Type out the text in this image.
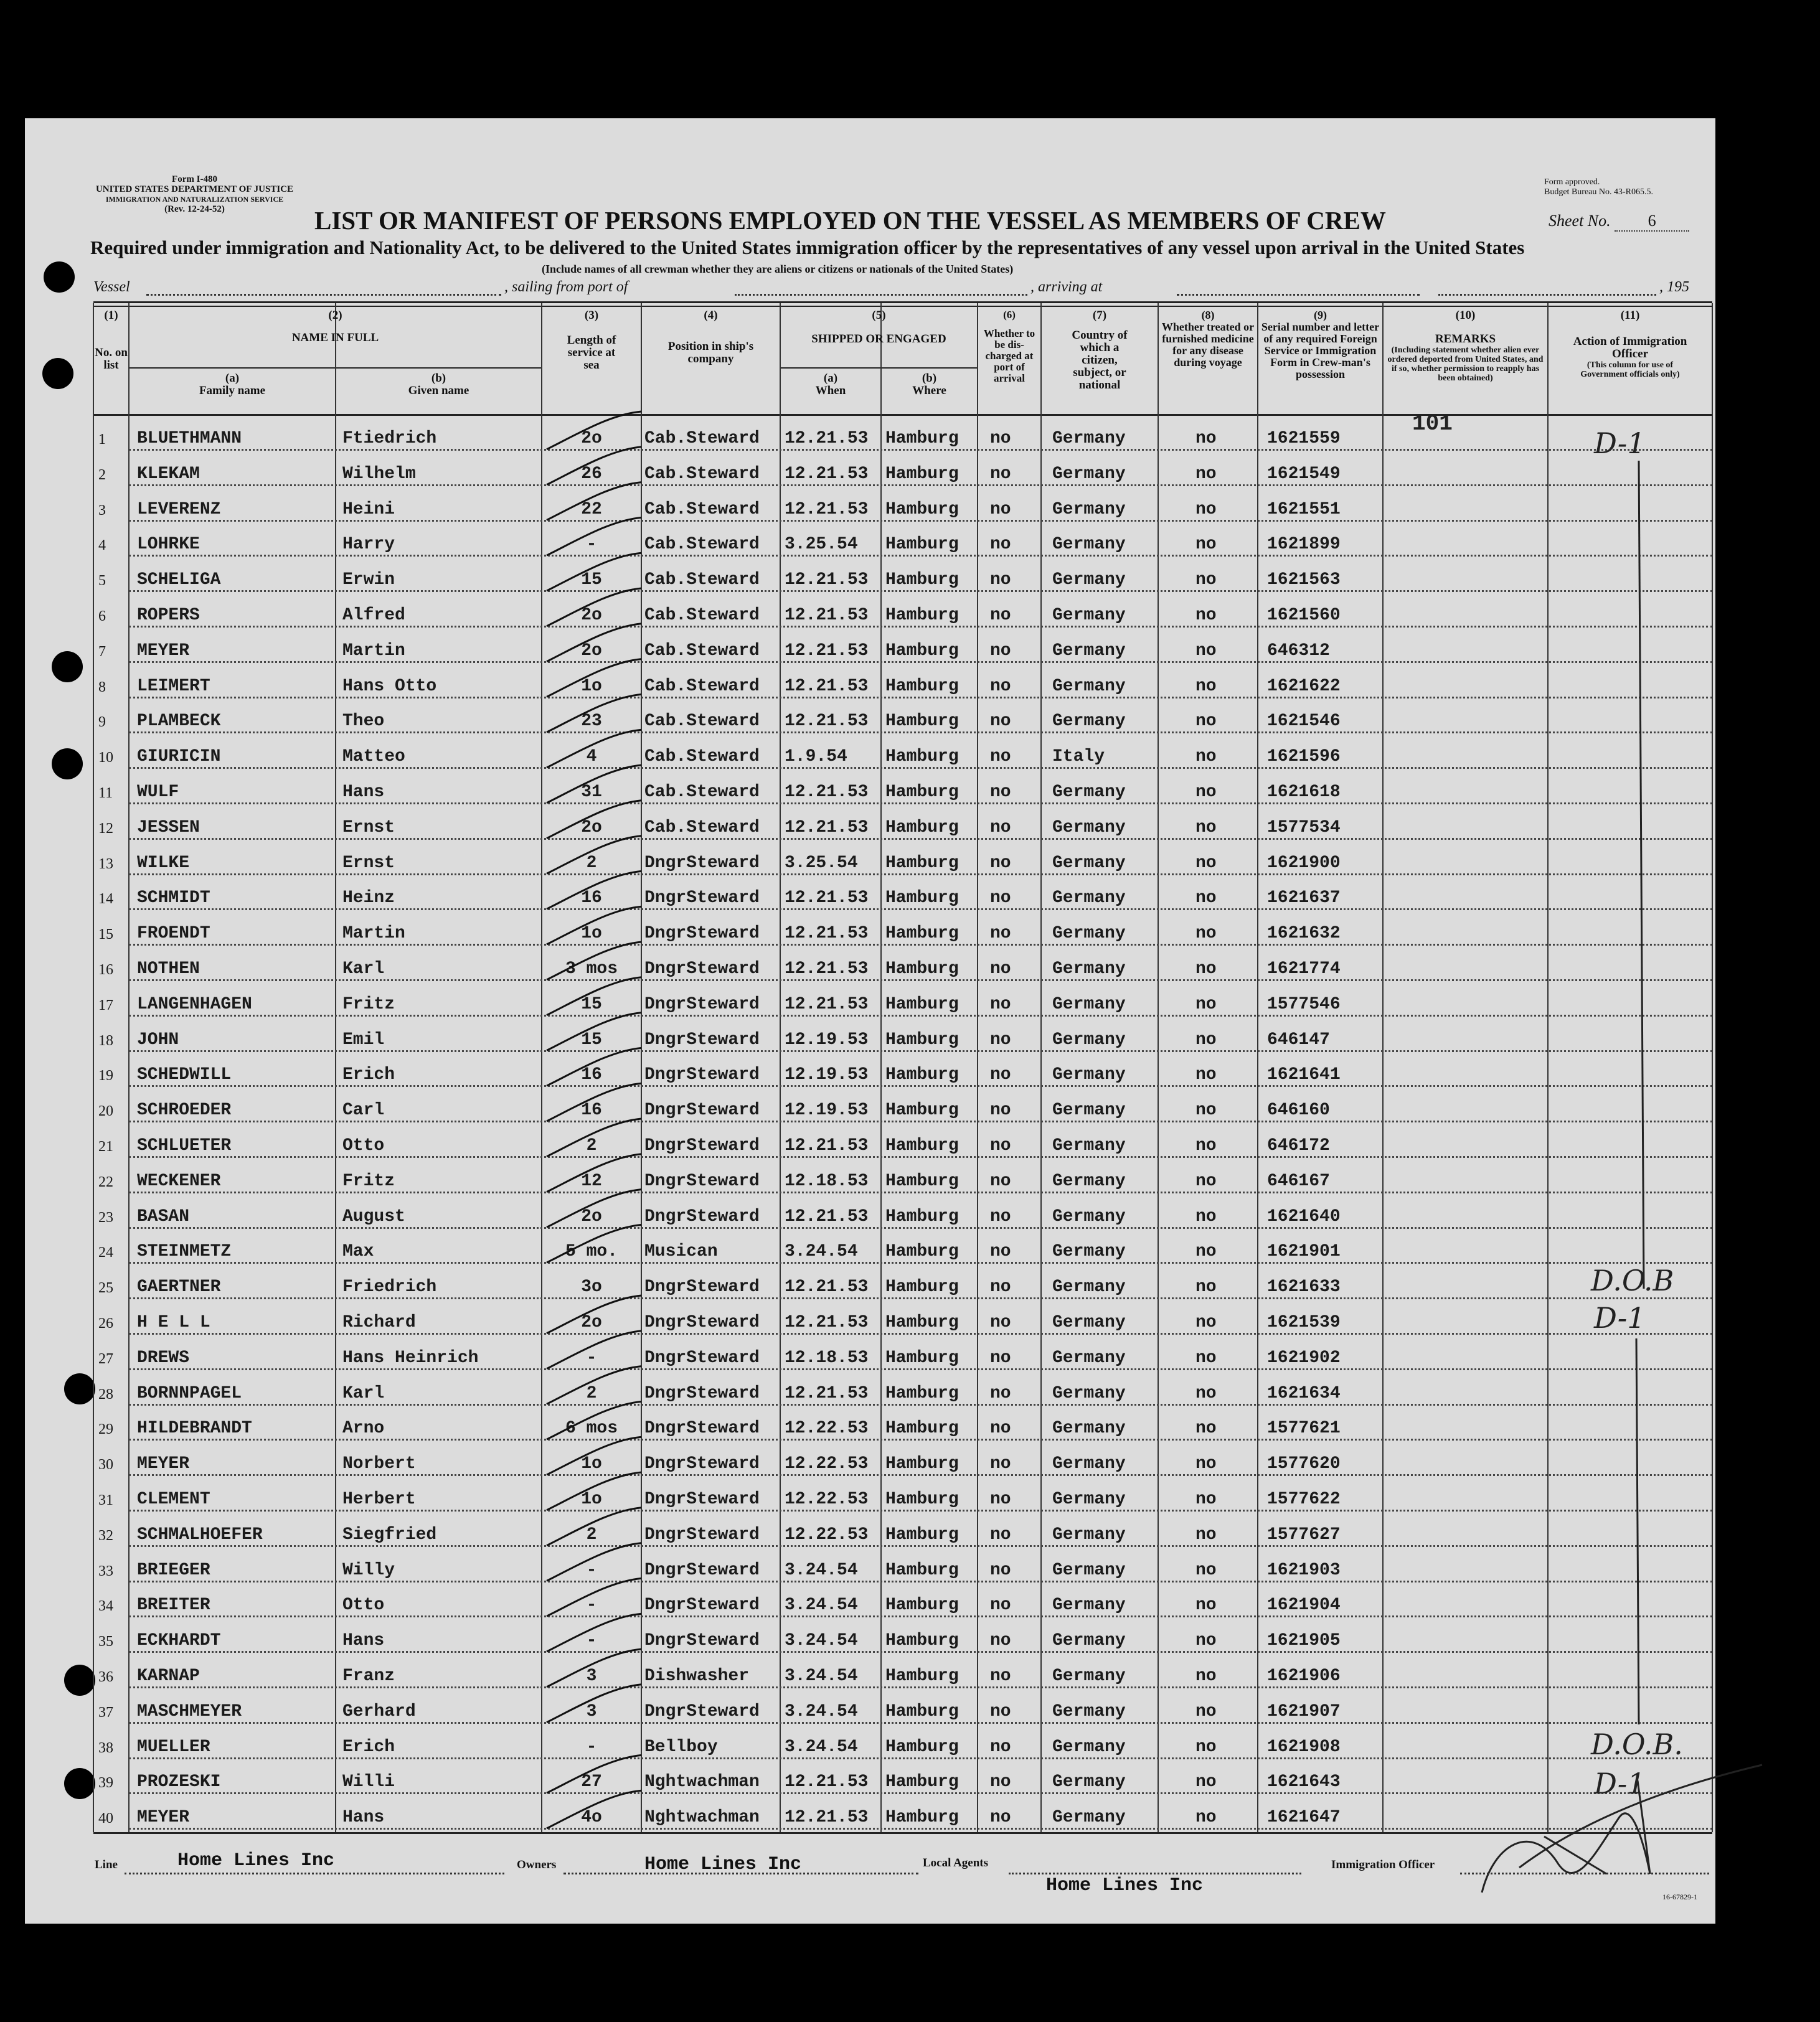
Form I-480
UNITED STATES DEPARTMENT OF JUSTICE
IMMIGRATION AND NATURALIZATION SERVICE
(Rev. 12-24-52)
Form approved.
Budget Bureau No. 43-R065.5.
LIST OR MANIFEST OF PERSONS EMPLOYED ON THE VESSEL AS MEMBERS OF CREW	Sheet No. 6
Required under immigration and Nationality Act, to be delivered to the United States immigration officer by the representatives of any vessel upon arrival in the United States
(Include names of all crewman whether they are aliens or citizens or nationals of the United States)
Vessel	, sailing from port of	, arriving at	, 195
(1)
No. on list
(2)
NAME IN FULL
(a)
Family name
(b)
Given name
(3)
Length of service at sea
(4)
Position in ship's company
(5)
SHIPPED OR ENGAGED
(a)
When
(b)
Where
(6)
Whether to be dis-charged at port of arrival
(7)
Country of which a citizen, subject, or national
(8)
Whether treated or furnished medicine for any disease during voyage
(9)
Serial number and letter of any required Foreign Service or Immigration Form in Crew-man's possession
(10)
REMARKS
(Including statement whether alien ever ordered deported from United States, and if so, whether permission to reapply has been obtained)
(11)
Action of Immigration Officer
(This column for use of Government officials only)
1 BLUETHMANN	Ftiedrich	2o	Cab.Steward 12.21.53 Hamburg no Germany	no	1621559
2 KLEKAM	Wilhelm	26	Cab.Steward 12.21.53 Hamburg no Germany	no	1621549
3 LEVERENZ	Heini	22	Cab.Steward 12.21.53 Hamburg no Germany	no	1621551
4 LOHRKE	Harry	-	Cab.Steward 3.25.54 Hamburg no Germany	no	1621899
5 SCHELIGA	Erwin	15	Cab.Steward 12.21.53 Hamburg no Germany	no	1621563
6 ROPERS	Alfred	2o	Cab.Steward 12.21.53 Hamburg no Germany	no	1621560
7 MEYER	Martin	2o	Cab.Steward 12.21.53 Hamburg no Germany	no	646312
8 LEIMERT	Hans Otto	1o	Cab.Steward 12.21.53 Hamburg no Germany	no	1621622
9 PLAMBECK	Theo	23	Cab.Steward 12.21.53 Hamburg no Germany	no	1621546
10 GIURICIN	Matteo	4	Cab.Steward 1.9.54 Hamburg no Italy	no	1621596
11 WULF	Hans	31	Cab.Steward 12.21.53 Hamburg no Germany	no	1621618
12 JESSEN	Ernst	2o	Cab.Steward 12.21.53 Hamburg no Germany	no	1577534
13 WILKE	Ernst	2	DngrSteward 3.25.54 Hamburg no Germany	no	1621900
14 SCHMIDT	Heinz	16	DngrSteward 12.21.53 Hamburg no Germany	no	1621637
15 FROENDT	Martin	1o	DngrSteward 12.21.53 Hamburg no Germany	no	1621632
16 NOTHEN	Karl	3 mos	DngrSteward 12.21.53 Hamburg no Germany	no	1621774
17 LANGENHAGEN	Fritz	15	DngrSteward 12.21.53 Hamburg no Germany	no	1577546
18 JOHN	Emil	15	DngrSteward 12.19.53 Hamburg no Germany	no	646147
19 SCHEDWILL	Erich	16	DngrSteward 12.19.53 Hamburg no Germany	no	1621641
20 SCHROEDER	Carl	16	DngrSteward 12.19.53 Hamburg no Germany	no	646160
21 SCHLUETER	Otto	2	DngrSteward 12.21.53 Hamburg no Germany	no	646172
22 WECKENER	Fritz	12	DngrSteward 12.18.53 Hamburg no Germany	no	646167
23 BASAN	August	2o	DngrSteward 12.21.53 Hamburg no Germany	no	1621640
24 STEINMETZ	Max	5 mo.	Musican	3.24.54 Hamburg no Germany	no	1621901
25 GAERTNER	Friedrich	3o	DngrSteward 12.21.53 Hamburg no Germany	no	1621633
26 H E L L	Richard	2o	DngrSteward 12.21.53 Hamburg no Germany	no	1621539
27 DREWS	Hans Heinrich	-	DngrSteward 12.18.53 Hamburg no Germany	no	1621902
28 BORNNPAGEL	Karl	2	DngrSteward 12.21.53 Hamburg no Germany	no	1621634
29 HILDEBRANDT	Arno	6 mos	DngrSteward 12.22.53 Hamburg no Germany	no	1577621
30 MEYER	Norbert	1o	DngrSteward 12.22.53 Hamburg no Germany	no	1577620
31 CLEMENT	Herbert	1o	DngrSteward 12.22.53 Hamburg no Germany	no	1577622
32 SCHMALHOEFER	Siegfried	2	DngrSteward 12.22.53 Hamburg no Germany	no	1577627
33 BRIEGER	Willy	-	DngrSteward 3.24.54 Hamburg no Germany	no	1621903
34 BREITER	Otto	-	DngrSteward 3.24.54 Hamburg no Germany	no	1621904
35 ECKHARDT	Hans	-	DngrSteward 3.24.54 Hamburg no Germany	no	1621905
36 KARNAP	Franz	3	Dishwasher 3.24.54 Hamburg no Germany	no	1621906
37 MASCHMEYER	Gerhard	3	DngrSteward 3.24.54 Hamburg no Germany	no	1621907
38 MUELLER	Erich	-	Bellboy	3.24.54 Hamburg no Germany	no	1621908
39 PROZESKI	Willi	27	Nghtwachman 12.21.53 Hamburg no Germany	no	1621643
40 MEYER	Hans	4o	Nghtwachman 12.21.53 Hamburg no Germany	no	1621647
101
D-1
D.O.B
D-1
D.O.B.
D-1
Line	Home Lines Inc	Owners	Home Lines Inc	Local Agents
Home Lines Inc
Immigration Officer
16-67829-1
